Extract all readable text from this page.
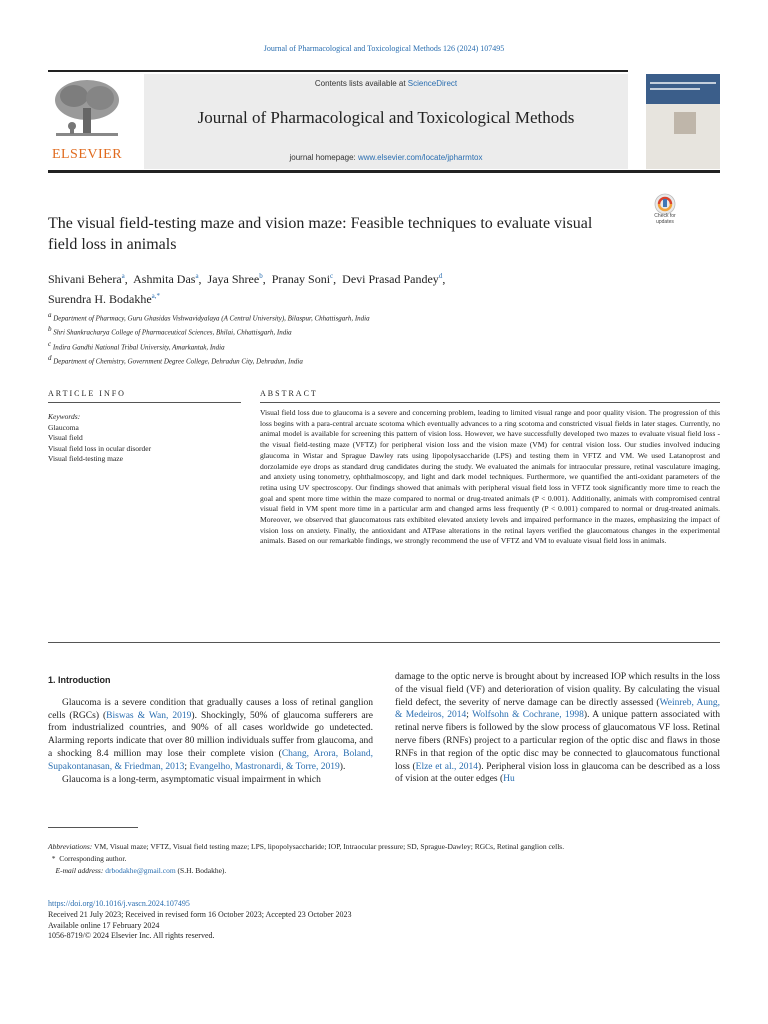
Journal of Pharmacological and Toxicological Methods 126 (2024) 107495
ELSEVIER
Contents lists available at ScienceDirect
Journal of Pharmacological and Toxicological Methods
journal homepage: www.elsevier.com/locate/jpharmtox
The visual field-testing maze and vision maze: Feasible techniques to evaluate visual field loss in animals
Check for
updates
Shivani Behera$^a$,  Ashmita Das$^a$,  Jaya Shree$^b$,  Pranay Soni$^c$,  Devi Prasad Pandey$^d$,
Surendra H. Bodakhe$^{a,*}$
$^a$ Department of Pharmacy, Guru Ghasidas Vishwavidyalaya (A Central University), Bilaspur, Chhattisgarh, India
$^b$ Shri Shankracharya College of Pharmaceutical Sciences, Bhilai, Chhattisgarh, India
$^c$ Indira Gandhi National Tribal University, Amarkantak, India
$^d$ Department of Chemistry, Government Degree College, Dehradun City, Dehradun, India
ARTICLE INFO	ABSTRACT
Keywords:
Glaucoma
Visual field
Visual field loss in ocular disorder
Visual field-testing maze
Visual field loss due to glaucoma is a severe and concerning problem, leading to limited visual range and poor quality vision. The progression of this loss begins with a para-central arcuate scotoma which eventually advances to a ring scotoma and constricted visual fields in later stages. Currently, no animal model is available for screening this pattern of vision loss. However, we have successfully developed two mazes to evaluate visual field loss - the visual field-testing maze (VFTZ) for peripheral vision loss and the vision maze (VM) for central vision loss. Our studies involved inducing glaucoma in Wistar and Sprague Dawley rats using lipopolysaccharide (LPS) and testing them in VFTZ and VM. We used Latanoprost and dorzolamide eye drops as standard drug candidates during the study. We evaluated the animals for intraocular pressure, retinal vasculature imaging, and anxiety using tonometry, ophthalmoscopy, and light and dark model techniques. Furthermore, we quantified the anti-oxidant parameters of the retina using UV spectroscopy. Our findings showed that animals with peripheral visual field loss in VFTZ took significantly more time to reach the goal and spent more time within the maze compared to normal or drug-treated animals (P < 0.001). Additionally, animals with compromised central visual field in VM spent more time in a particular arm and changed arms less frequently (P < 0.001) compared to normal or drug-treated animals. Moreover, we observed that glaucomatous rats exhibited elevated anxiety levels and impaired performance in the mazes, emphasizing the impact of vision loss on anxiety. Finally, the antioxidant and ATPase alterations in the retinal layers verified the glaucomatous changes in the experimental animals. Based on our remarkable findings, we strongly recommend the use of VFTZ and VM to evaluate visual field loss in animals.
1. Introduction

Glaucoma is a severe condition that gradually causes a loss of retinal ganglion cells (RGCs) (Biswas & Wan, 2019). Shockingly, 50% of glaucoma sufferers are from industrialized countries, and 90% of all cases worldwide go undetected. Alarming reports indicate that over 80 million individuals suffer from glaucoma, and a shocking 8.4 million may lose their complete vision (Chang, Arora, Boland, Supakontanasan, & Friedman, 2013; Evangelho, Mastronardi, & Torre, 2019).

Glaucoma is a long-term, asymptomatic visual impairment in which

damage to the optic nerve is brought about by increased IOP which results in the loss of the visual field (VF) and deterioration of vision quality. By calculating the visual field defect, the severity of nerve damage can be directly assessed (Weinreb, Aung, & Medeiros, 2014; Wolfsohn & Cochrane, 1998). A unique pattern associated with retinal nerve fibers is followed by the slow process of glaucomatous VF loss. Retinal nerve fibers (RNFs) project to a particular region of the optic disc and flaws in those RNFs in that region of the optic disc may be connected to glaucomatous functional loss (Elze et al., 2014). Peripheral vision loss in glaucoma can be described as a loss of vision at the outer edges (Hu

Abbreviations: VM, Visual maze; VFTZ, Visual field testing maze; LPS, lipopolysaccharide; IOP, Intraocular pressure; SD, Sprague-Dawley; RGCs, Retinal ganglion cells.
*  Corresponding author.
E-mail address: drbodakhe@gmail.com (S.H. Bodakhe).
https://doi.org/10.1016/j.vascn.2024.107495
Received 21 July 2023; Received in revised form 16 October 2023; Accepted 23 October 2023
Available online 17 February 2024
1056-8719/© 2024 Elsevier Inc. All rights reserved.
